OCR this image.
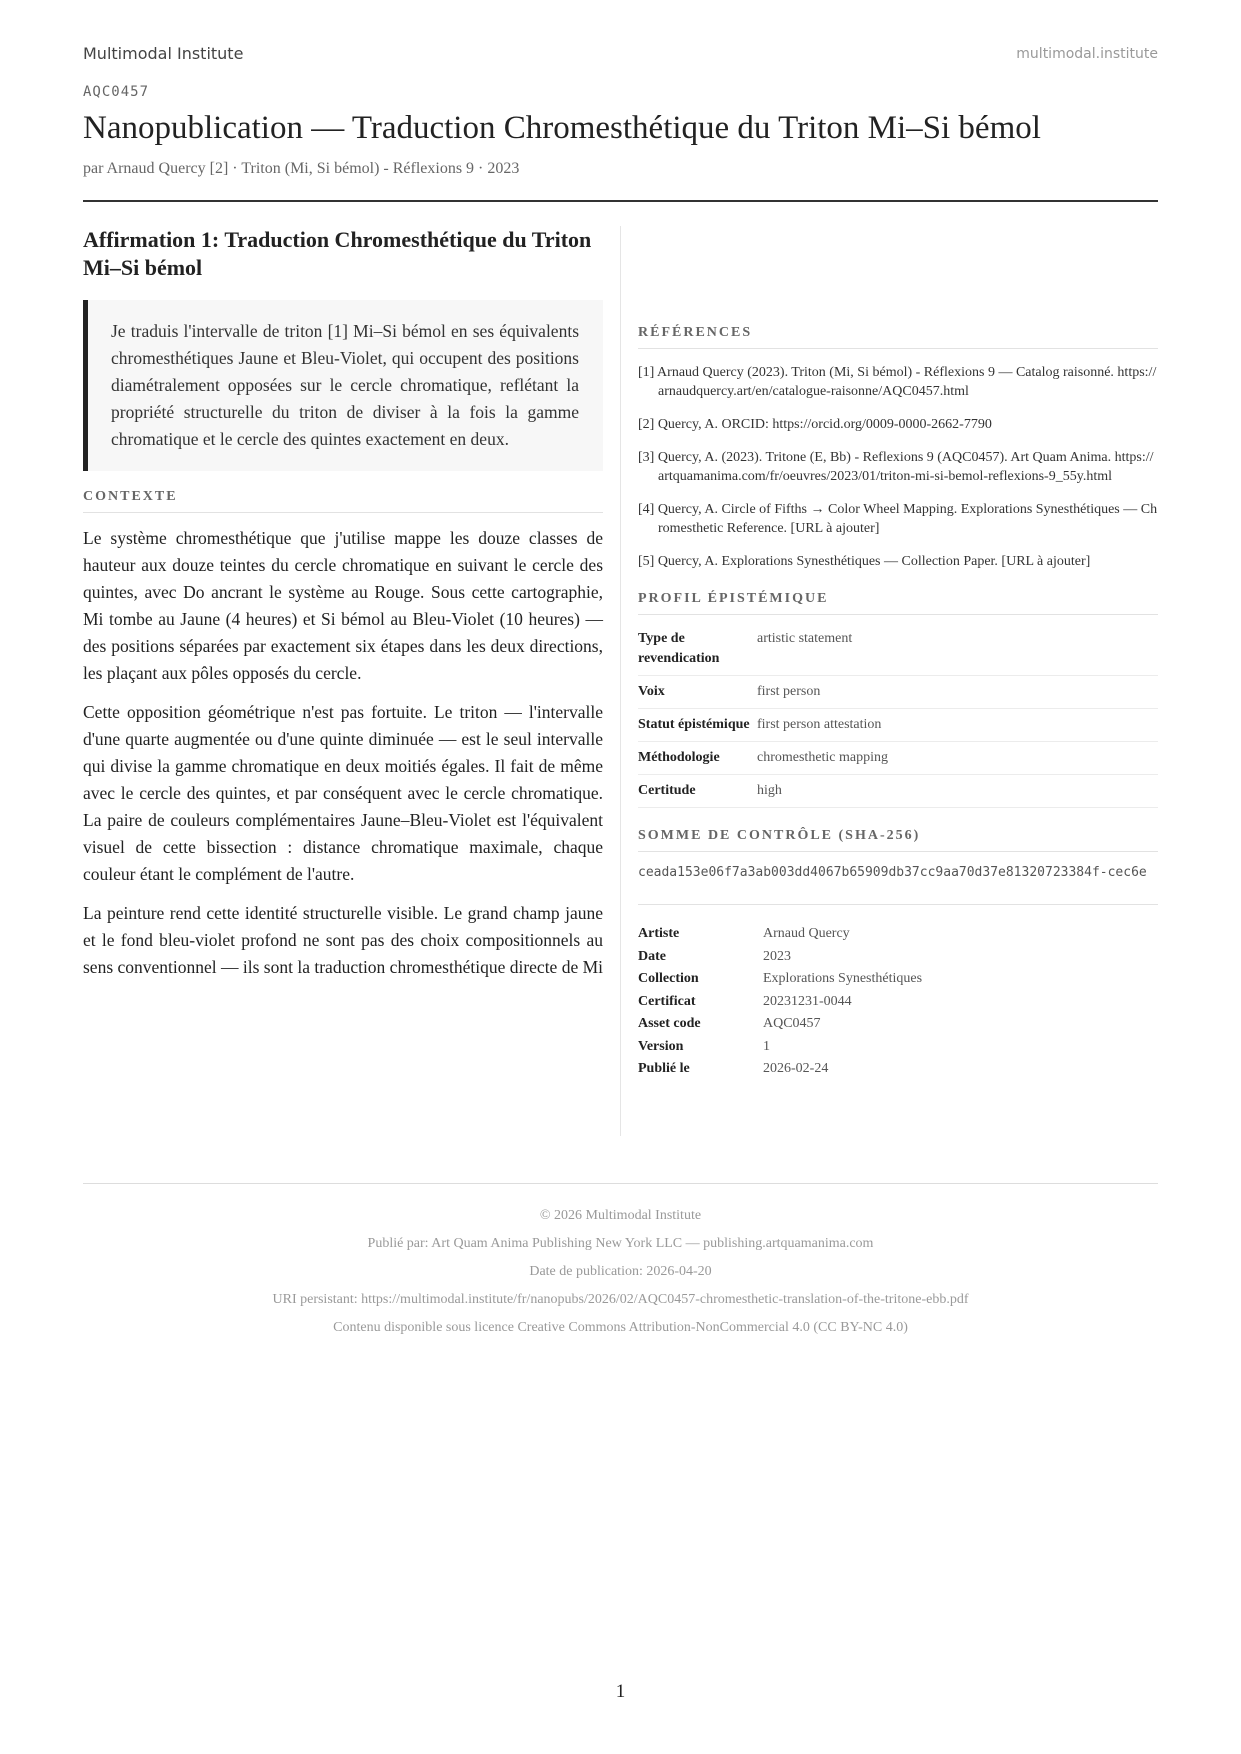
Multimodal Institute	multimodal.institute
AQC0457
Nanopublication — Traduction Chromesthétique du Triton Mi–Si bémol
par Arnaud Quercy [2] · Triton (Mi, Si bémol) - Réflexions 9 · 2023
Affirmation 1: Traduction Chromesthétique du Triton Mi–Si bémol
Je traduis l'intervalle de triton [1] Mi–Si bémol en ses équivalents chromesthétiques Jaune et Bleu-Violet, qui occupent des positions diamétralement opposées sur le cercle chromatique, reflétant la propriété structurelle du triton de diviser à la fois la gamme chromatique et le cercle des quintes exactement en deux.
CONTEXTE

Le système chromesthétique que j'utilise mappe les douze classes de hauteur aux douze teintes du cercle chromatique en suivant le cercle des quintes, avec Do ancrant le système au Rouge. Sous cette cartographie, Mi tombe au Jaune (4 heures) et Si bémol au Bleu-Violet (10 heures) — des positions séparées par exactement six étapes dans les deux directions, les plaçant aux pôles opposés du cercle.

Cette opposition géométrique n'est pas fortuite. Le triton — l'intervalle d'une quarte augmentée ou d'une quinte diminuée — est le seul intervalle qui divise la gamme chromatique en deux moitiés égales. Il fait de même avec le cercle des quintes, et par conséquent avec le cercle chromatique. La paire de couleurs complémentaires Jaune–Bleu-Violet est l'équivalent visuel de cette bissection : distance chromatique maximale, chaque couleur étant le complément de l'autre.

La peinture rend cette identité structurelle visible. Le grand champ jaune et le fond bleu-violet profond ne sont pas des choix compositionnels au sens conventionnel — ils sont la traduction chromesthétique directe de Mi

RÉFÉRENCES
[1] Arnaud Quercy (2023). Triton (Mi, Si bémol) - Réflexions 9 — Catalog raisonné. https://arnaudquercy.art/en/catalogue-raisonne/AQC0457.html
[2] Quercy, A. ORCID: https://orcid.org/0009-0000-2662-7790
[3] Quercy, A. (2023). Tritone (E, Bb) - Reflexions 9 (AQC0457). Art Quam Anima. https://artquamanima.com/fr/oeuvres/2023/01/triton-mi-si-bemol-reflexions-9_55y.html
[4] Quercy, A. Circle of Fifths → Color Wheel Mapping. Explorations Synesthétiques — Chromesthetic Reference. [URL à ajouter]
[5] Quercy, A. Explorations Synesthétiques — Collection Paper. [URL à ajouter]
PROFIL ÉPISTÉMIQUE
Type de revendication	artistic statement
Voix	first person
Statut épistémique	first person attestation
Méthodologie	chromesthetic mapping
Certitude	high
SOMME DE CONTRÔLE (SHA-256)
ceada153e06f7a3ab003dd4067b65909db37cc9aa70d37e81320723384f-cec6e
Artiste	Arnaud Quercy
Date	2023
Collection	Explorations Synesthétiques
Certificat	20231231-0044
Asset code	AQC0457
Version	1
Publié le	2026-02-24
© 2026 Multimodal Institute
Publié par: Art Quam Anima Publishing New York LLC — publishing.artquamanima.com
Date de publication: 2026-04-20
URI persistant: https://multimodal.institute/fr/nanopubs/2026/02/AQC0457-chromesthetic-translation-of-the-tritone-ebb.pdf
Contenu disponible sous licence Creative Commons Attribution-NonCommercial 4.0 (CC BY-NC 4.0)
1
